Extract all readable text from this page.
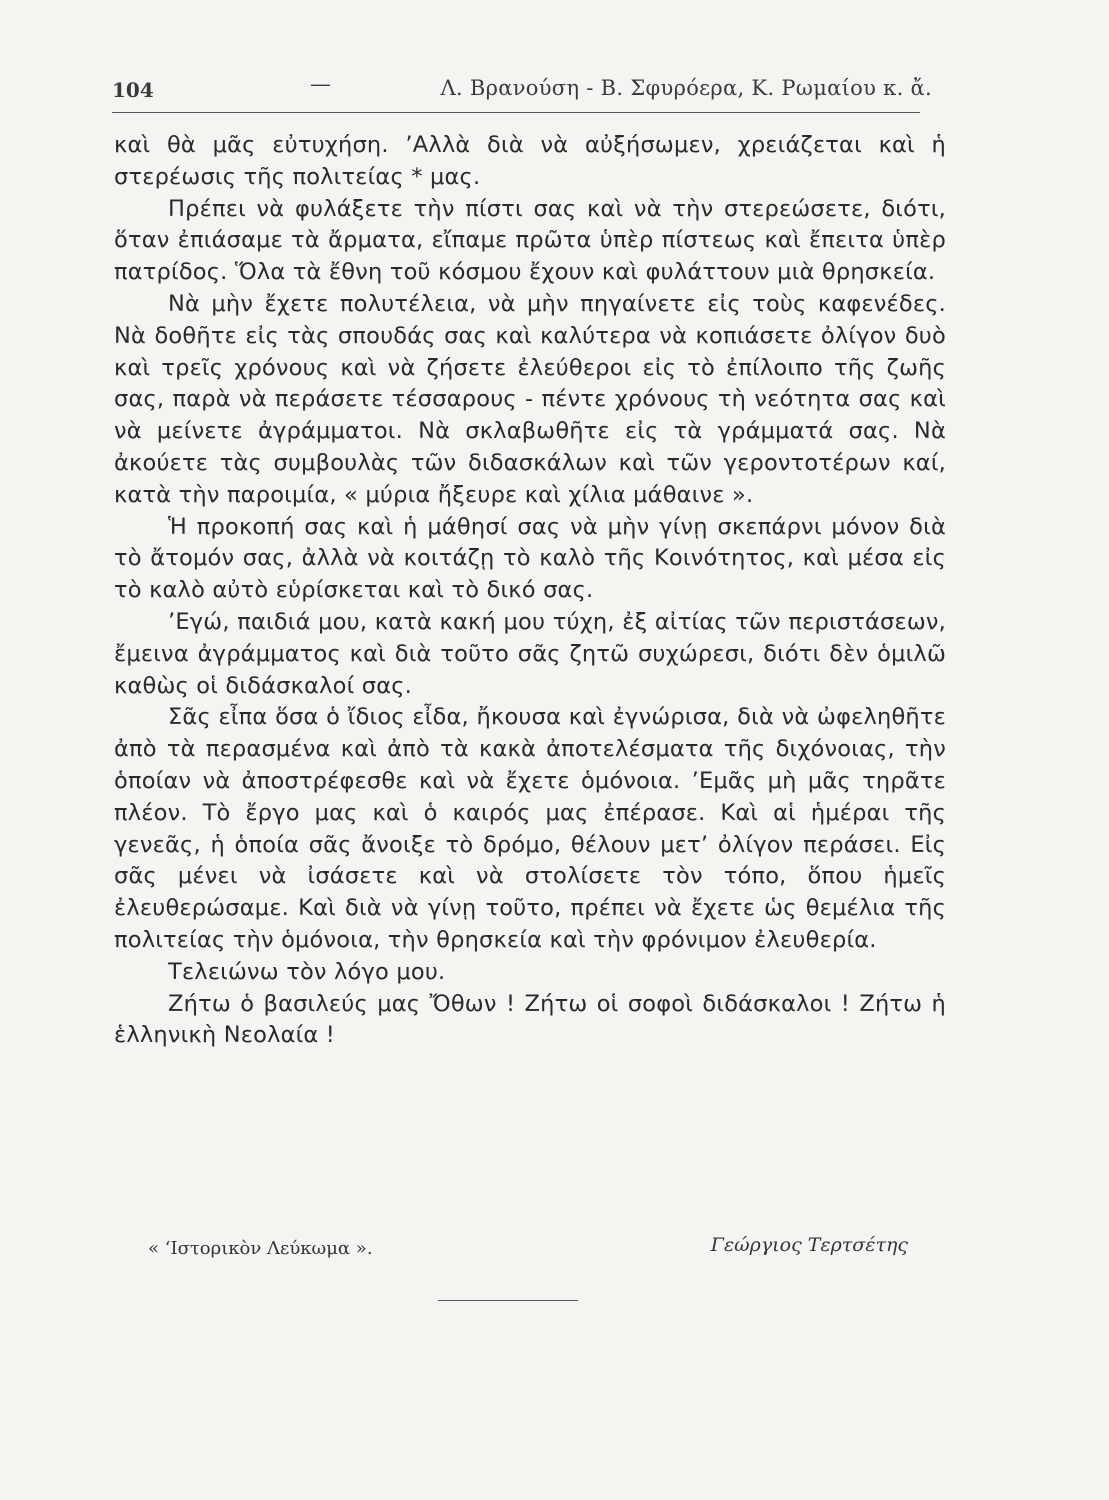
104	—	Λ. Βρανούση - Β. Σφυρόερα, Κ. Ρωμαίου κ. ἄ.

καὶ θὰ μᾶς εὐτυχήση. ’Αλλὰ διὰ νὰ αὐξήσωμεν, χρειάζεται καὶ ἡ στερέωσις τῆς πολιτείας * μας.

Πρέπει νὰ φυλάξετε τὴν πίστι σας καὶ νὰ τὴν στερεώσετε, διότι, ὅταν ἐπιάσαμε τὰ ἄρματα, εἴπαμε πρῶτα ὑπὲρ πίστεως καὶ ἔπειτα ὑπὲρ πατρίδος. Ὅλα τὰ ἔθνη τοῦ κόσμου ἔχουν καὶ φυλάττουν μιὰ θρησκεία.

Νὰ μὴν ἔχετε πολυτέλεια, νὰ μὴν πηγαίνετε εἰς τοὺς καφενέδες. Νὰ δοθῆτε εἰς τὰς σπουδάς σας καὶ καλύτερα νὰ κοπιάσετε ὀλίγον δυὸ καὶ τρεῖς χρόνους καὶ νὰ ζήσετε ἐλεύθεροι εἰς τὸ ἐπίλοιπο τῆς ζωῆς σας, παρὰ νὰ περάσετε τέσσαρους - πέντε χρόνους τὴ νεότητα σας καὶ νὰ μείνετε ἀγράμματοι. Νὰ σκλαβωθῆτε εἰς τὰ γράμματά σας. Νὰ ἀκούετε τὰς συμβουλὰς τῶν διδασκάλων καὶ τῶν γεροντοτέρων καί, κατὰ τὴν παροιμία, « μύρια ἤξευρε καὶ χίλια μάθαινε ».

Ἡ προκοπή σας καὶ ἡ μάθησί σας νὰ μὴν γίνῃ σκεπάρνι μόνον διὰ τὸ ἄτομόν σας, ἀλλὰ νὰ κοιτάζῃ τὸ καλὸ τῆς Κοινότητος, καὶ μέσα εἰς τὸ καλὸ αὐτὸ εὑρίσκεται καὶ τὸ δικό σας.

’Εγώ, παιδιά μου, κατὰ κακή μου τύχη, ἐξ αἰτίας τῶν περιστάσεων, ἔμεινα ἀγράμματος καὶ διὰ τοῦτο σᾶς ζητῶ συχώρεσι, διότι δὲν ὁμιλῶ καθὼς οἱ διδάσκαλοί σας.

Σᾶς εἶπα ὅσα ὁ ἴδιος εἶδα, ἤκουσα καὶ ἐγνώρισα, διὰ νὰ ὠφεληθῆτε ἀπὸ τὰ περασμένα καὶ ἀπὸ τὰ κακὰ ἀποτελέσματα τῆς διχόνοιας, τὴν ὁποίαν νὰ ἀποστρέφεσθε καὶ νὰ ἔχετε ὁμόνοια. ’Εμᾶς μὴ μᾶς τηρᾶτε πλέον. Τὸ ἔργο μας καὶ ὁ καιρός μας ἐπέρασε. Καὶ αἱ ἡμέραι τῆς γενεᾶς, ἡ ὁποία σᾶς ἄνοιξε τὸ δρόμο, θέλουν μετ’ ὀλίγον περάσει. Εἰς σᾶς μένει νὰ ἰσάσετε καὶ νὰ στολίσετε τὸν τόπο, ὅπου ἡμεῖς ἐλευθερώσαμε. Καὶ διὰ νὰ γίνῃ τοῦτο, πρέπει νὰ ἔχετε ὡς θεμέλια τῆς πολιτείας τὴν ὁμόνοια, τὴν θρησκεία καὶ τὴν φρόνιμον ἐλευθερία.

Τελειώνω τὸν λόγο μου.

Ζήτω ὁ βασιλεύς μας Ὄθων ! Ζήτω οἱ σοφοὶ διδάσκαλοι ! Ζήτω ἡ ἑλληνικὴ Νεολαία !

« ‘Ιστορικὸν Λεύκωμα ».	Γεώργιος Τερτσέτης
